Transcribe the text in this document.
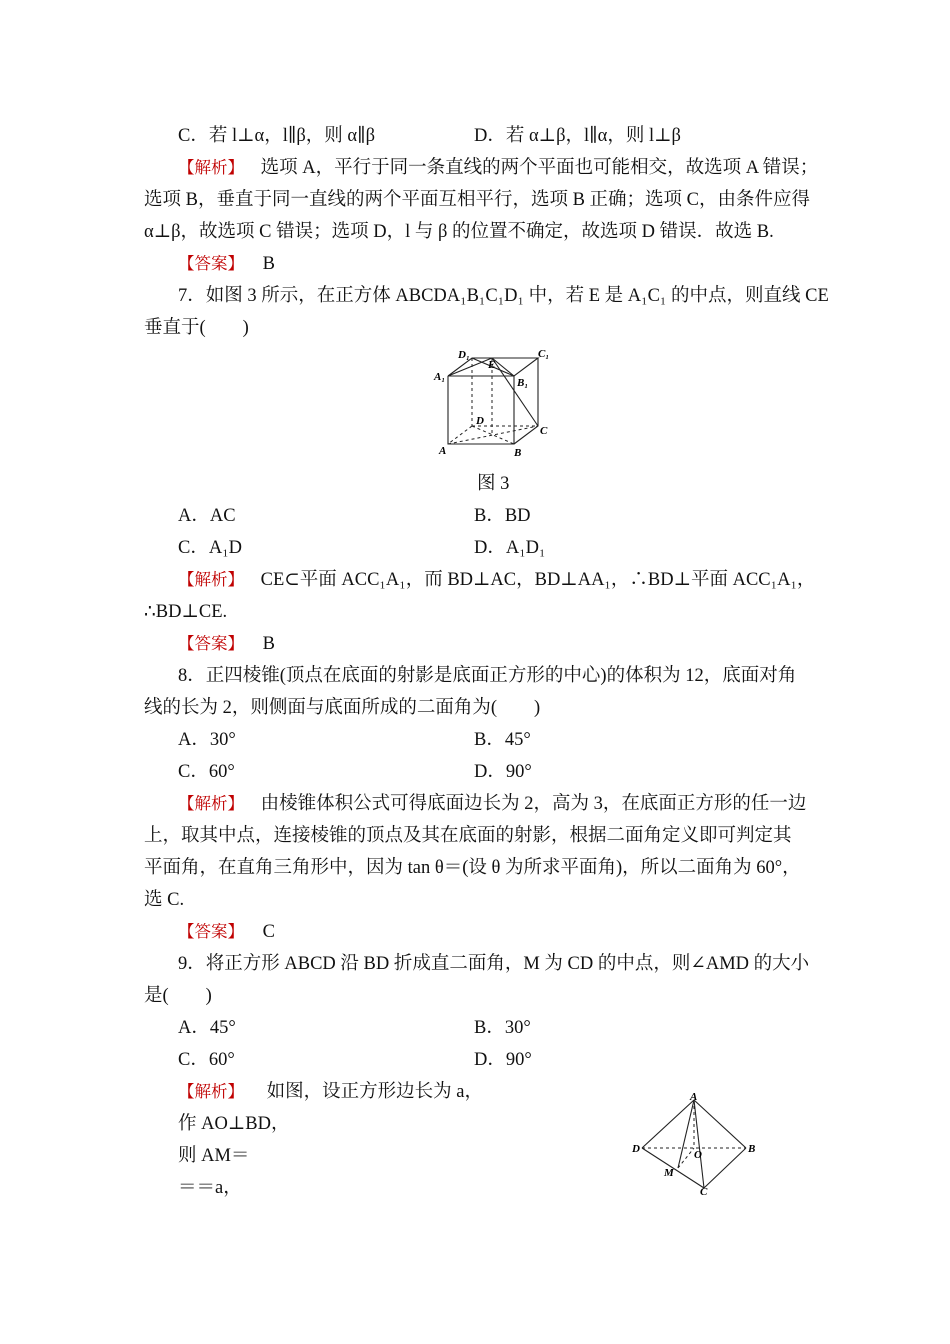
C．若 l⊥α，l∥β，则 α∥β	D．若 α⊥β，l∥α，则 l⊥β
【解析】 选项 A，平行于同一条直线的两个平面也可能相交，故选项 A 错误；
选项 B，垂直于同一直线的两个平面互相平行，选项 B 正确；选项 C，由条件应得
α⊥β，故选项 C 错误；选项 D，l 与 β 的位置不确定，故选项 D 错误．故选 B.
【答案】 B
7．如图 3 所示，在正方体 ABCDA₁B₁C₁D₁ 中，若 E 是 A₁C₁ 的中点，则直线 CE
垂直于(　　)
D₁
E
C₁
A₁	B₁
D
C
A	B
图 3
A．AC	B．BD
C．A₁D	D．A₁D₁
【解析】 CE⊂平面 ACC₁A₁，而 BD⊥AC，BD⊥AA₁，∴BD⊥平面 ACC₁A₁，
∴BD⊥CE.
【答案】 B
8．正四棱锥(顶点在底面的射影是底面正方形的中心)的体积为 12，底面对角
线的长为 2，则侧面与底面所成的二面角为(　　)
A．30°	B．45°
C．60°	D．90°
【解析】 由棱锥体积公式可得底面边长为 2，高为 3，在底面正方形的任一边
上，取其中点，连接棱锥的顶点及其在底面的射影，根据二面角定义即可判定其
平面角，在直角三角形中，因为 tan θ＝(设 θ 为所求平面角)，所以二面角为 60°，
选 C.
【答案】 C
9．将正方形 ABCD 沿 BD 折成直二面角，M 为 CD 的中点，则∠AMD 的大小
是(　　)
A．45°	B．30°
C．60°	D．90°
【解析】 如图，设正方形边长为 a，
作 AO⊥BD，
则 AM＝
＝＝a，
A
D	O	B
M
C
